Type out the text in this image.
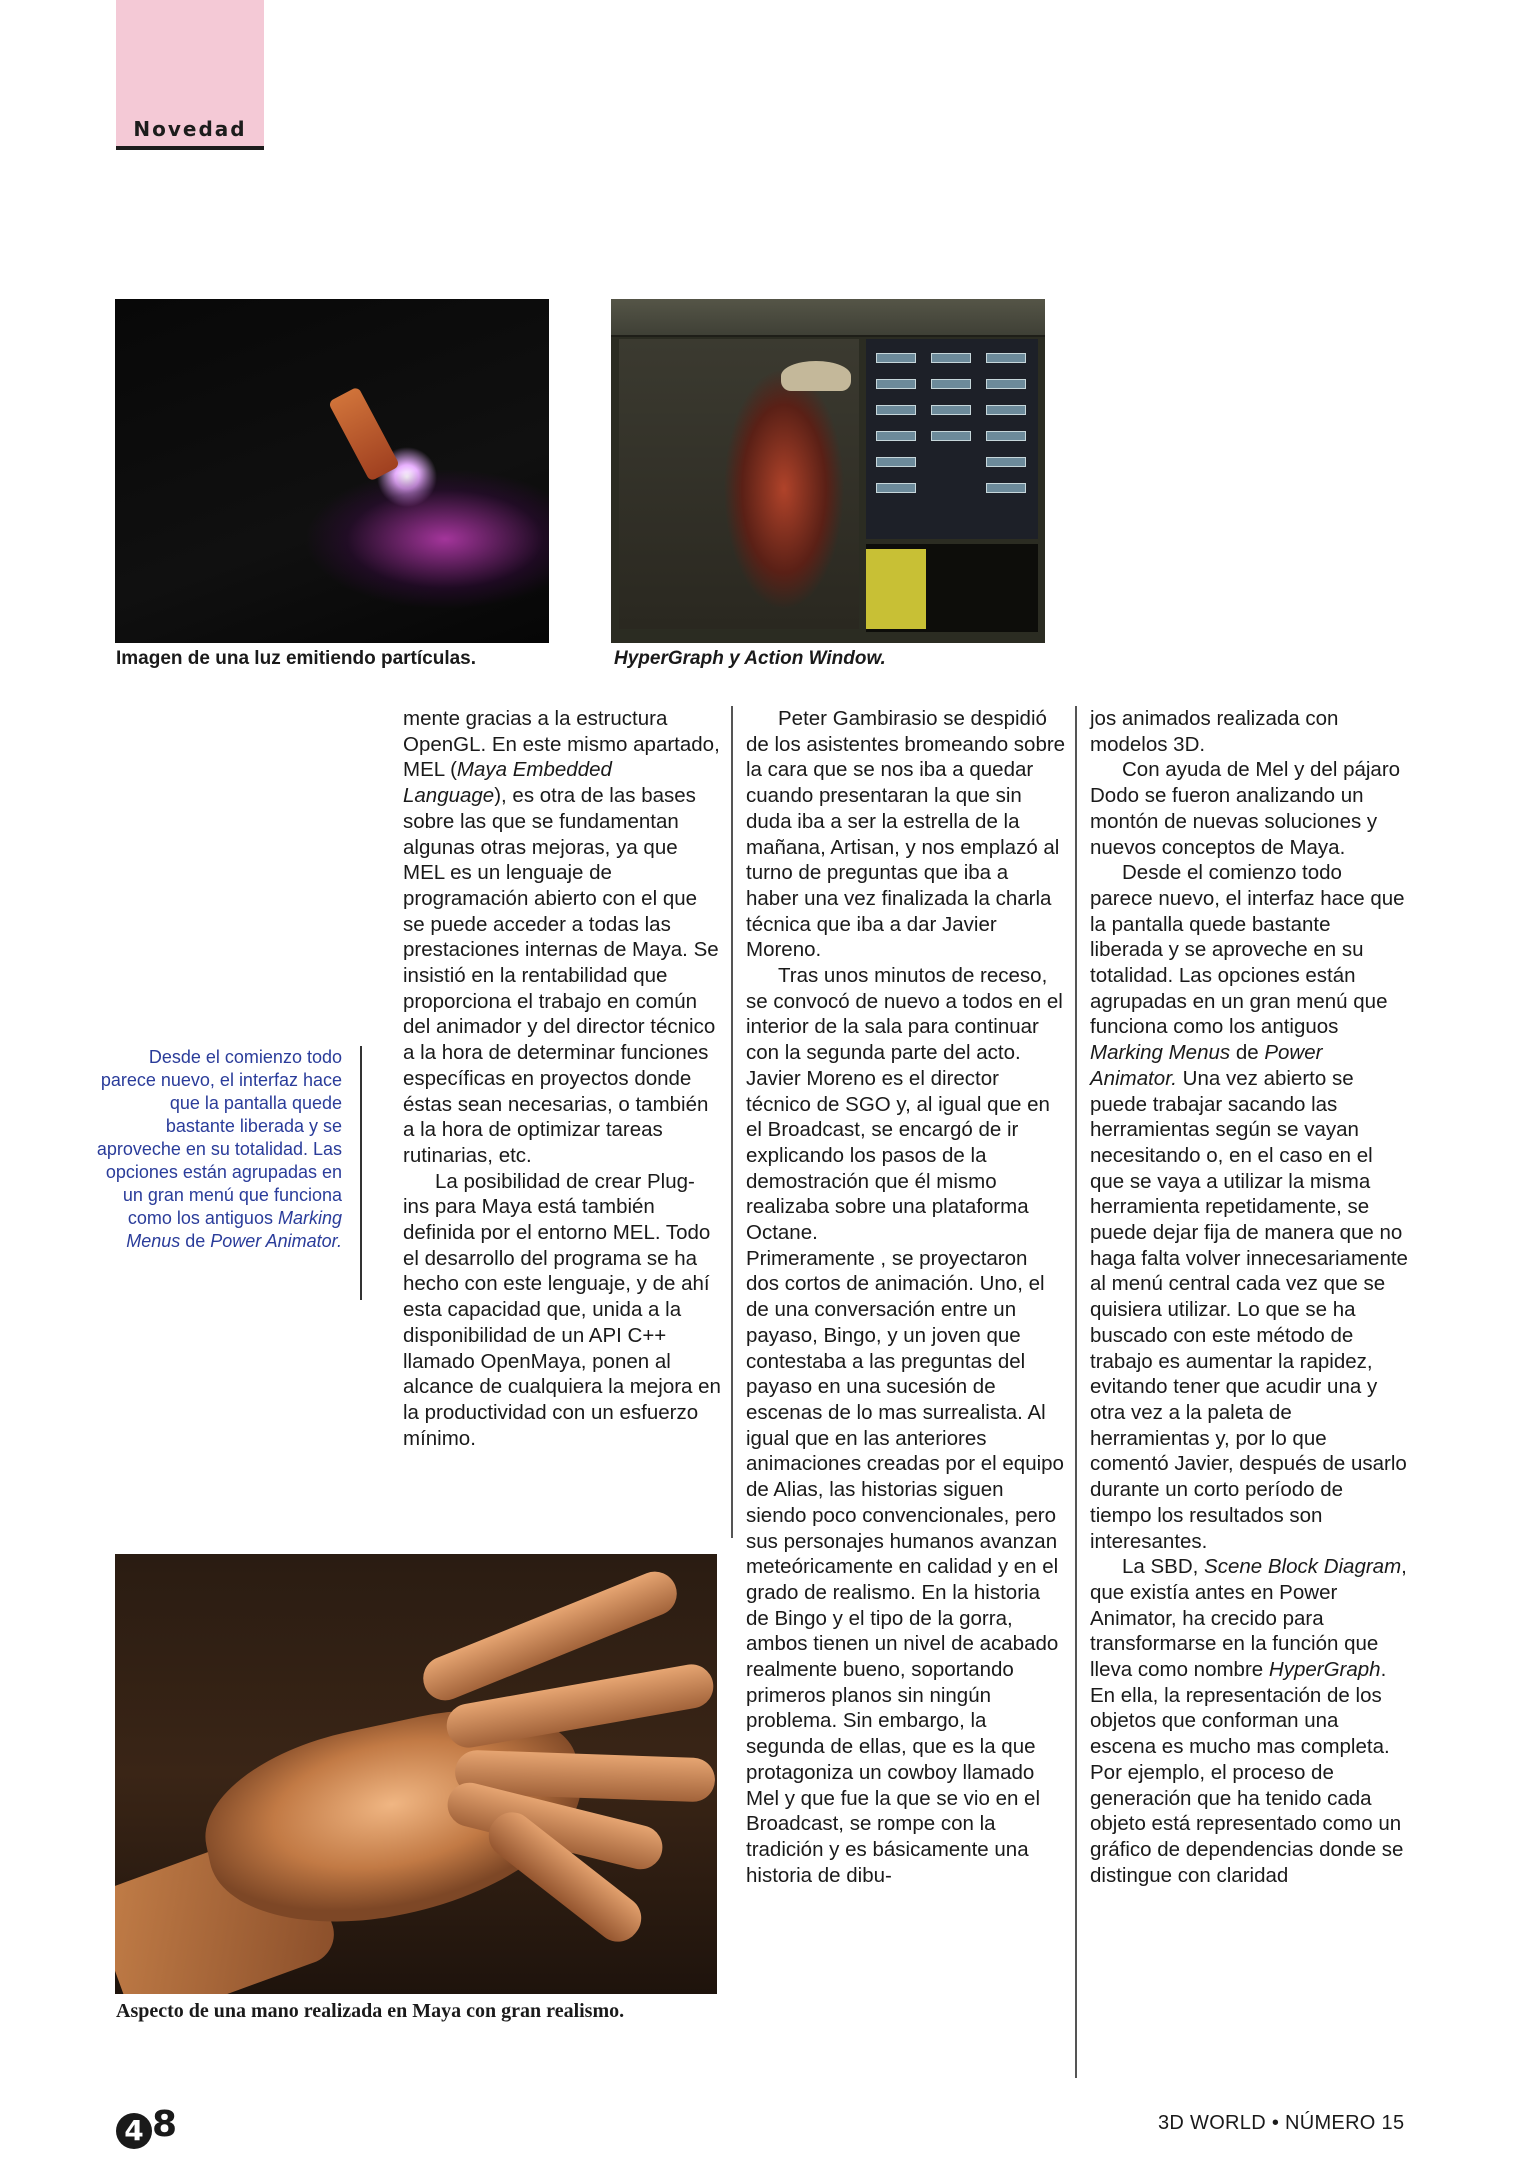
Novedad
Imagen de una luz emitiendo partículas.	HyperGraph y Action Window.
Desde el comienzo todo parece nuevo, el interfaz hace que la pantalla quede bastante liberada y se aproveche en su totalidad. Las opciones están agrupadas en un gran menú que funciona como los antiguos Marking Menus de Power Animator.

mente gracias a la estructura OpenGL. En este mismo apartado, MEL (Maya Embedded Language), es otra de las bases sobre las que se fundamentan algunas otras mejoras, ya que MEL es un lenguaje de programación abierto con el que se puede acceder a todas las prestaciones internas de Maya. Se insistió en la rentabilidad que proporciona el trabajo en común del animador y del director técnico a la hora de determinar funciones específicas en proyectos donde éstas sean necesarias, o también a la hora de optimizar tareas rutinarias, etc.

La posibilidad de crear Plug-ins para Maya está también definida por el entorno MEL. Todo el desarrollo del programa se ha hecho con este lenguaje, y de ahí esta capacidad que, unida a la disponibilidad de un API C++ llamado OpenMaya, ponen al alcance de cualquiera la mejora en la productividad con un esfuerzo mínimo.

Aspecto de una mano realizada en Maya con gran realismo.

Peter Gambirasio se despidió de los asistentes bromeando sobre la cara que se nos iba a quedar cuando presentaran la que sin duda iba a ser la estrella de la mañana, Artisan, y nos emplazó al turno de preguntas que iba a haber una vez finalizada la charla técnica que iba a dar Javier Moreno.

Tras unos minutos de receso, se convocó de nuevo a todos en el interior de la sala para continuar con la segunda parte del acto. Javier Moreno es el director técnico de SGO y, al igual que en el Broadcast, se encargó de ir explicando los pasos de la demostración que él mismo realizaba sobre una plataforma Octane.

Primeramente , se proyectaron dos cortos de animación. Uno, el de una conversación entre un payaso, Bingo, y un joven que contestaba a las preguntas del payaso en una sucesión de escenas de lo mas surrealista. Al igual que en las anteriores animaciones creadas por el equipo de Alias, las historias siguen siendo poco convencionales, pero sus personajes humanos avanzan meteóricamente en calidad y en el grado de realismo. En la historia de Bingo y el tipo de la gorra, ambos tienen un nivel de acabado realmente bueno, soportando primeros planos sin ningún problema. Sin embargo, la segunda de ellas, que es la que protagoniza un cowboy llamado Mel y que fue la que se vio en el Broadcast, se rompe con la tradición y es básicamente una historia de dibu-

jos animados realizada con modelos 3D.

Con ayuda de Mel y del pájaro Dodo se fueron analizando un montón de nuevas soluciones y nuevos conceptos de Maya.

Desde el comienzo todo parece nuevo, el interfaz hace que la pantalla quede bastante liberada y se aproveche en su totalidad. Las opciones están agrupadas en un gran menú que funciona como los antiguos Marking Menus de Power Animator. Una vez abierto se puede trabajar sacando las herramientas según se vayan necesitando o, en el caso en el que se vaya a utilizar la misma herramienta repetidamente, se puede dejar fija de manera que no haga falta volver innecesariamente al menú central cada vez que se quisiera utilizar. Lo que se ha buscado con este método de trabajo es aumentar la rapidez, evitando tener que acudir una y otra vez a la paleta de herramientas y, por lo que comentó Javier, después de usarlo durante un corto período de tiempo los resultados son interesantes.

La SBD, Scene Block Diagram, que existía antes en Power Animator, ha crecido para transformarse en la función que lleva como nombre HyperGraph. En ella, la representación de los objetos que conforman una escena es mucho mas completa. Por ejemplo, el proceso de generación que ha tenido cada objeto está representado como un gráfico de dependencias donde se distingue con claridad

4 8	3D WORLD • NÚMERO 15
